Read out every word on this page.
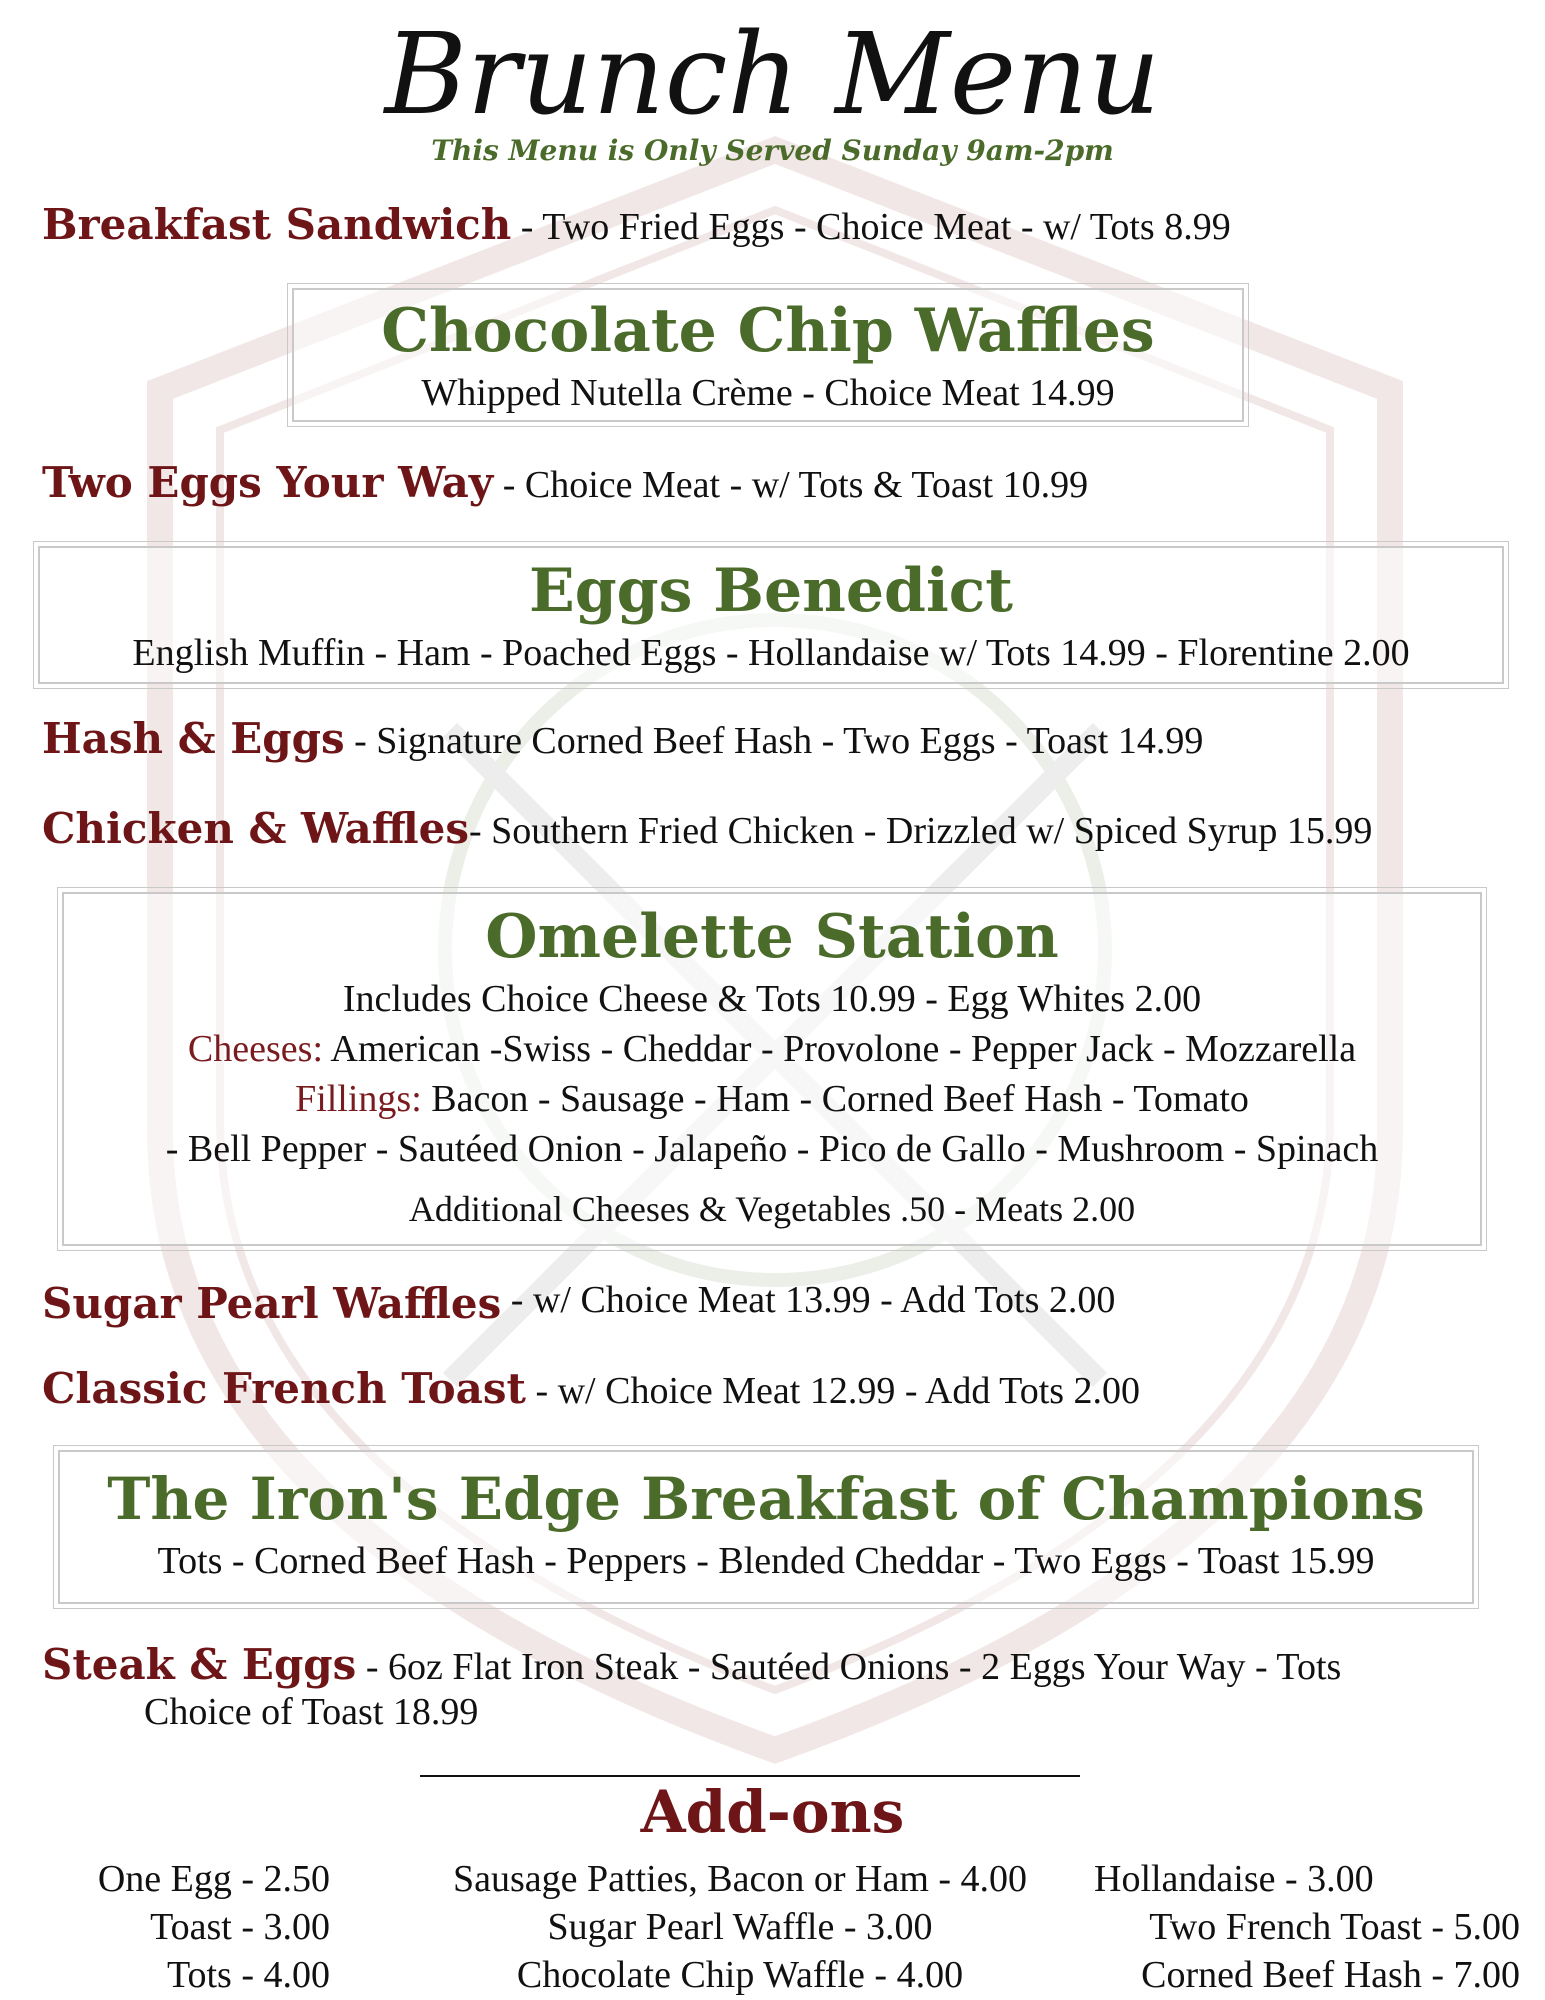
Brunch Menu
This Menu is Only Served Sunday 9am-2pm
Breakfast Sandwich - Two Fried Eggs - Choice Meat - w/ Tots 8.99
Chocolate Chip Waffles
Whipped Nutella Crème - Choice Meat 14.99
Two Eggs Your Way - Choice Meat - w/ Tots & Toast 10.99
Eggs Benedict
English Muffin - Ham - Poached Eggs - Hollandaise w/ Tots 14.99 - Florentine 2.00
Hash & Eggs - Signature Corned Beef Hash - Two Eggs - Toast 14.99
Chicken & Waffles- Southern Fried Chicken - Drizzled w/ Spiced Syrup 15.99
Omelette Station
Includes Choice Cheese & Tots 10.99 - Egg Whites 2.00
Cheeses: American -Swiss - Cheddar - Provolone - Pepper Jack - Mozzarella
Fillings: Bacon - Sausage - Ham - Corned Beef Hash - Tomato
- Bell Pepper - Sautéed Onion - Jalapeño - Pico de Gallo - Mushroom - Spinach
Additional Cheeses & Vegetables .50 - Meats 2.00
Sugar Pearl Waffles - w/ Choice Meat 13.99 - Add Tots 2.00
Classic French Toast - w/ Choice Meat 12.99 - Add Tots 2.00
The Iron's Edge Breakfast of Champions
Tots - Corned Beef Hash - Peppers - Blended Cheddar - Two Eggs - Toast 15.99
Steak & Eggs - 6oz Flat Iron Steak - Sautéed Onions - 2 Eggs Your Way - Tots
Choice of Toast 18.99
Add-ons
One Egg - 2.50
Toast - 3.00
Tots - 4.00
Sausage Patties, Bacon or Ham - 4.00
Sugar Pearl Waffle - 3.00
Chocolate Chip Waffle - 4.00
Hollandaise - 3.00
Two French Toast - 5.00
Corned Beef Hash - 7.00
